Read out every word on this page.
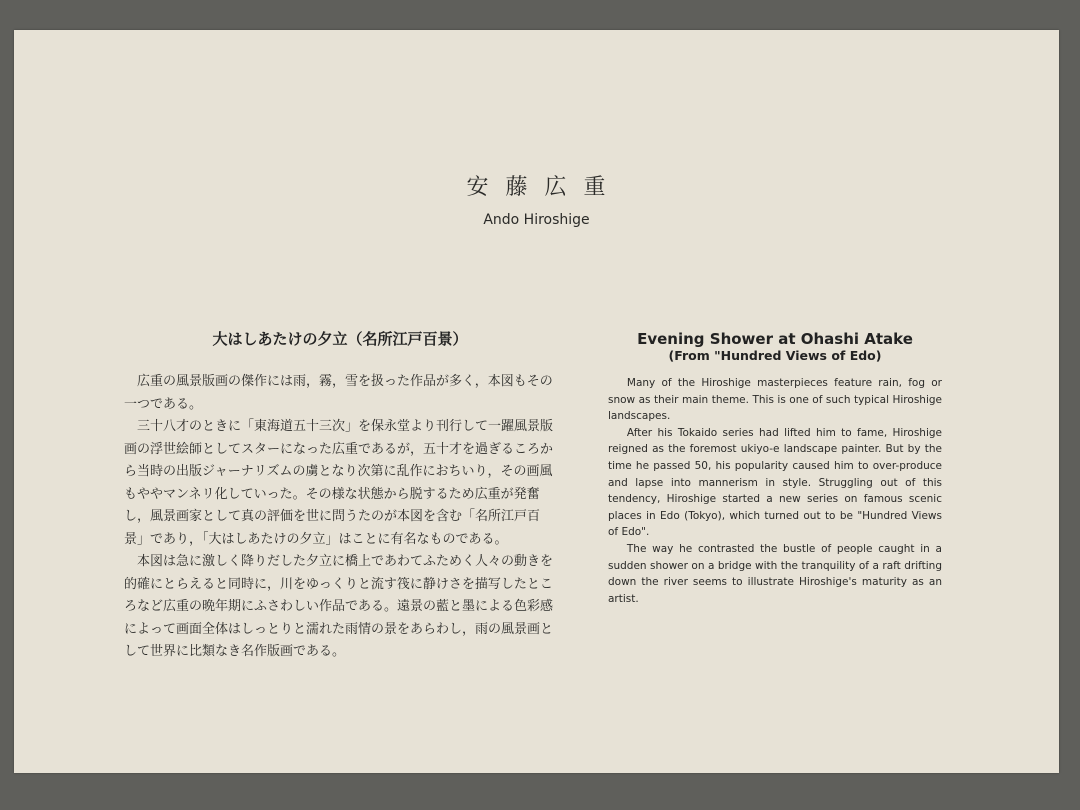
安藤広重
Ando Hiroshige

大はしあたけの夕立（名所江戸百景）

広重の風景版画の傑作には雨，霧，雪を扱った作品が多く，本図もその一つである。

三十八才のときに「東海道五十三次」を保永堂より刊行して一躍風景版画の浮世絵師としてスターになった広重であるが，五十才を過ぎるころから当時の出版ジャーナリズムの虜となり次第に乱作におちいり，その画風もややマンネリ化していった。その様な状態から脱するため広重が発奮し，風景画家として真の評価を世に問うたのが本図を含む「名所江戸百景」であり，「大はしあたけの夕立」はことに有名なものである。

本図は急に激しく降りだした夕立に橋上であわてふためく人々の動きを的確にとらえると同時に，川をゆっくりと流す筏に静けさを描写したところなど広重の晩年期にふさわしい作品である。遠景の藍と墨による色彩感によって画面全体はしっとりと濡れた雨情の景をあらわし，雨の風景画として世界に比類なき名作版画である。

Evening Shower at Ohashi Atake

(From "Hundred Views of Edo)

Many of the Hiroshige masterpieces feature rain, fog or snow as their main theme. This is one of such typical Hiroshige landscapes.

After his Tokaido series had lifted him to fame, Hiroshige reigned as the foremost ukiyo-e landscape painter. But by the time he passed 50, his popularity caused him to over-produce and lapse into mannerism in style. Struggling out of this tendency, Hiroshige started a new series on famous scenic places in Edo (Tokyo), which turned out to be "Hundred Views of Edo".

The way he contrasted the bustle of people caught in a sudden shower on a bridge with the tranquility of a raft drifting down the river seems to illustrate Hiroshige's maturity as an artist.
